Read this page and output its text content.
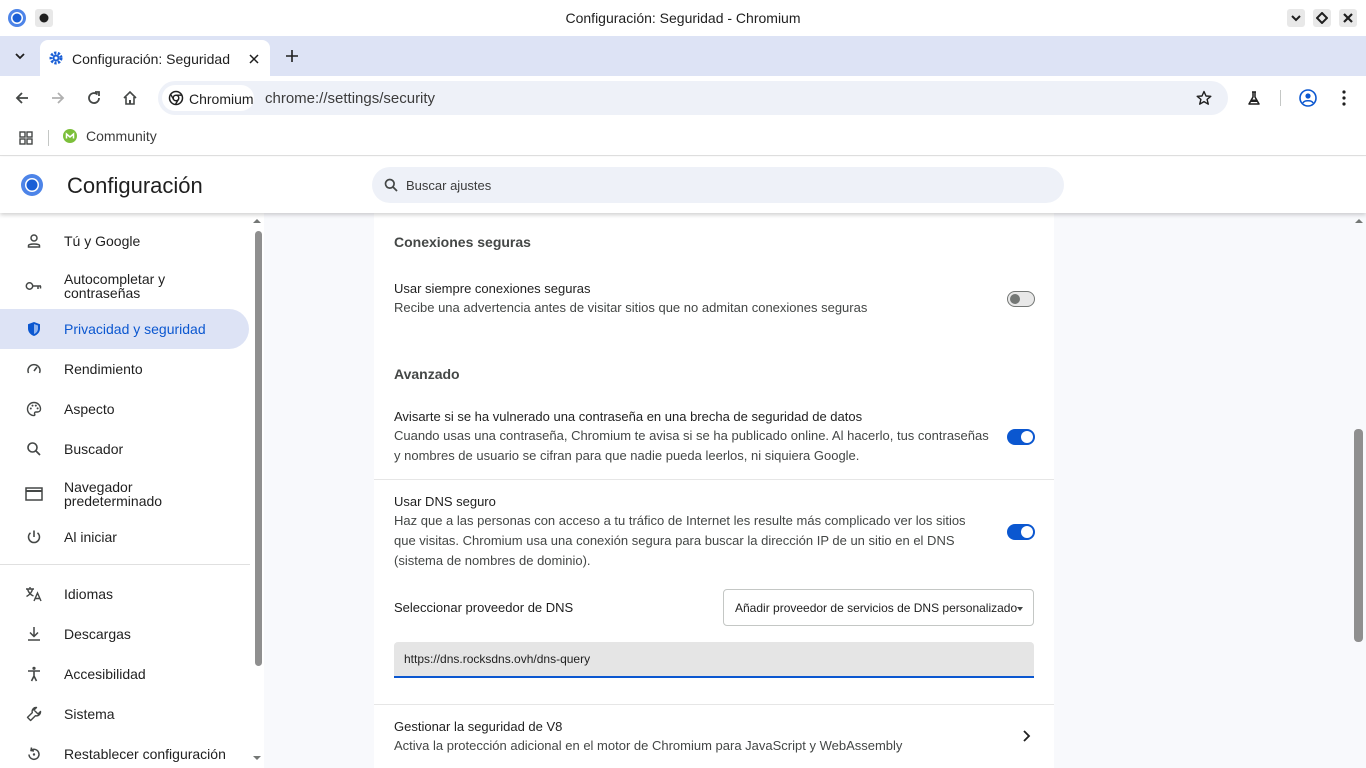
Configuración: Seguridad - Chromium
Configuración: Seguridad
Chromium chrome://settings/security
Community
Configuración	Buscar ajustes
Tú y Google
Autocompletar y contraseñas
Privacidad y seguridad
Rendimiento
Aspecto
Buscador
Navegador predeterminado
Al iniciar
Idiomas
Descargas
Accesibilidad
Sistema
Restablecer configuración
Conexiones seguras
Usar siempre conexiones seguras
Recibe una advertencia antes de visitar sitios que no admitan conexiones seguras
Avanzado
Avisarte si se ha vulnerado una contraseña en una brecha de seguridad de datos
Cuando usas una contraseña, Chromium te avisa si se ha publicado online. Al hacerlo, tus contraseñas y nombres de usuario se cifran para que nadie pueda leerlos, ni siquiera Google.
Usar DNS seguro
Haz que a las personas con acceso a tu tráfico de Internet les resulte más complicado ver los sitios que visitas. Chromium usa una conexión segura para buscar la dirección IP de un sitio en el DNS (sistema de nombres de dominio).
Seleccionar proveedor de DNS	Añadir proveedor de servicios de DNS personalizado
https://dns.rocksdns.ovh/dns-query
Gestionar la seguridad de V8
Activa la protección adicional en el motor de Chromium para JavaScript y WebAssembly
